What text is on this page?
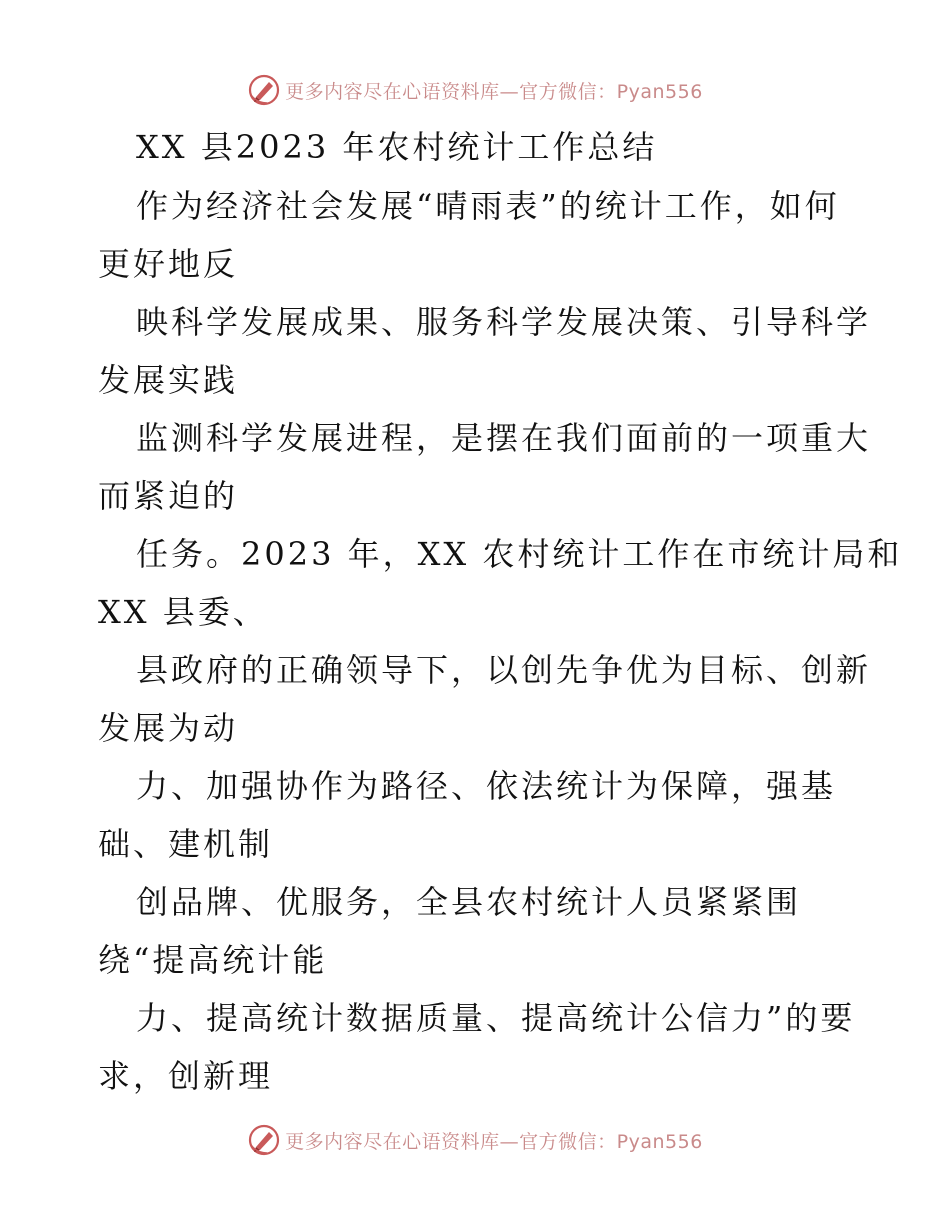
更多内容尽在心语资料库—官方微信：Pyan556
XX 县2023 年农村统计工作总结
作为经济社会发展“晴雨表”的统计工作，如何
更好地反
映科学发展成果、服务科学发展决策、引导科学
发展实践
监测科学发展进程，是摆在我们面前的一项重大
而紧迫的
任务。2023 年，XX 农村统计工作在市统计局和
XX 县委、
县政府的正确领导下，以创先争优为目标、创新
发展为动
力、加强协作为路径、依法统计为保障，强基
础、建机制
创品牌、优服务，全县农村统计人员紧紧围
绕“提高统计能
力、提高统计数据质量、提高统计公信力”的要
求，创新理
更多内容尽在心语资料库—官方微信：Pyan556
